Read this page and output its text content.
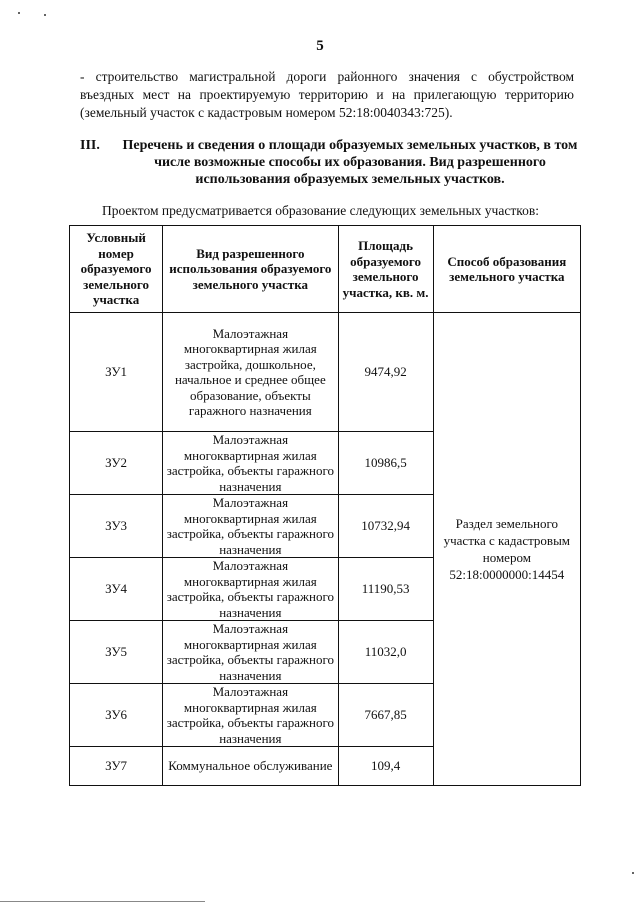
5
- строительство магистральной дороги районного значения с обустройством въездных мест на проектируемую территорию и на прилегающую территорию (земельный участок с кадастровым номером 52:18:0040343:725).
III. Перечень и сведения о площади образуемых земельных участков, в том числе возможные способы их образования. Вид разрешенного использования образуемых земельных участков.
Проектом предусматривается образование следующих земельных участков:
Условный номер образуемого земельного участка	Вид разрешенного использования образуемого земельного участка	Площадь образуемого земельного участка, кв. м.	Способ образования земельного участка
ЗУ1	Малоэтажная многоквартирная жилая застройка, дошкольное, начальное и среднее общее образование, объекты гаражного назначения	9474,92	Раздел земельного участка с кадастровым номером 52:18:0000000:14454
ЗУ2	Малоэтажная многоквартирная жилая застройка, объекты гаражного назначения	10986,5	
ЗУ3	Малоэтажная многоквартирная жилая застройка, объекты гаражного назначения	10732,94	
ЗУ4	Малоэтажная многоквартирная жилая застройка, объекты гаражного назначения	11190,53	
ЗУ5	Малоэтажная многоквартирная жилая застройка, объекты гаражного назначения	11032,0	
ЗУ6	Малоэтажная многоквартирная жилая застройка, объекты гаражного назначения	7667,85	
ЗУ7	Коммунальное обслуживание	109,4	
